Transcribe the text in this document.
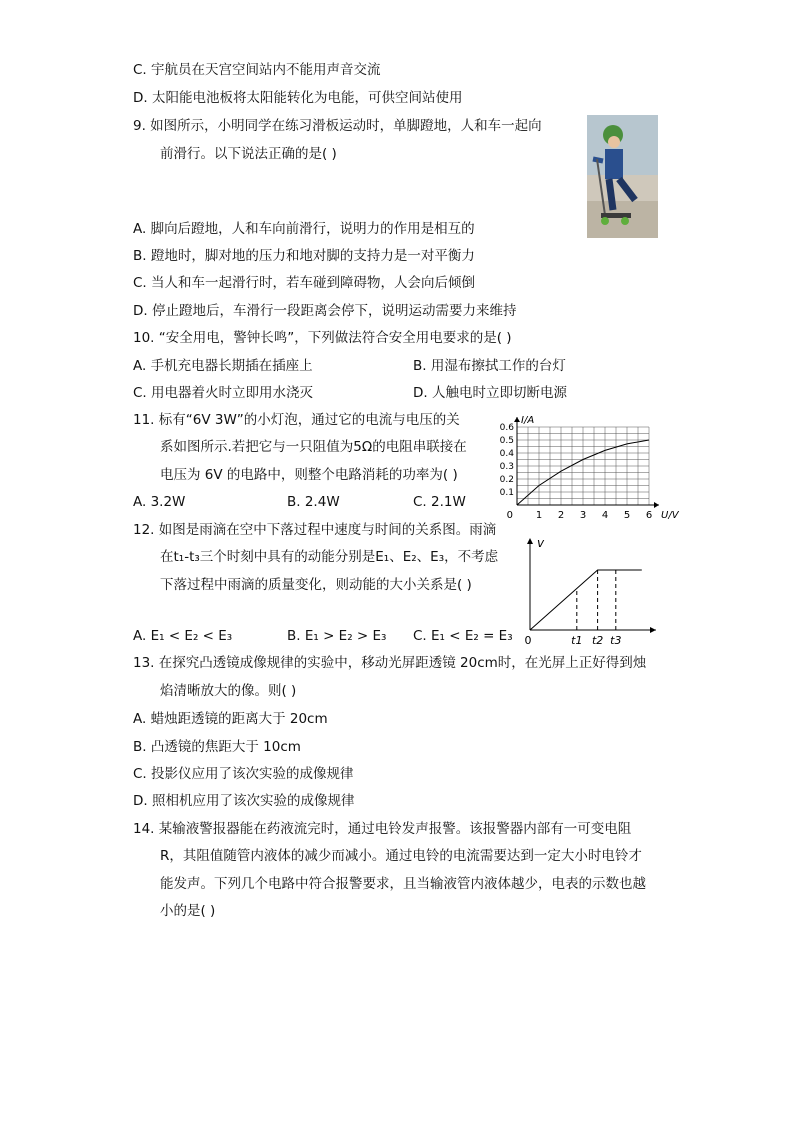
C. 宇航员在天宫空间站内不能用声音交流
D. 太阳能电池板将太阳能转化为电能，可供空间站使用
9. 如图所示，小明同学在练习滑板运动时，单脚蹬地，人和车一起向
前滑行。以下说法正确的是( )
A. 脚向后蹬地，人和车向前滑行，说明力的作用是相互的
B. 蹬地时，脚对地的压力和地对脚的支持力是一对平衡力
C. 当人和车一起滑行时，若车碰到障碍物，人会向后倾倒
D. 停止蹬地后，车滑行一段距离会停下，说明运动需要力来维持
10. “安全用电，警钟长鸣”，下列做法符合安全用电要求的是( )
A. 手机充电器长期插在插座上	B. 用湿布擦拭工作的台灯
C. 用电器着火时立即用水浇灭	D. 人触电时立即切断电源
11. 标有“6V 3W”的小灯泡，通过它的电流与电压的关
系如图所示.若把它与一只阻值为5Ω的电阻串联接在
电压为 6V 的电路中，则整个电路消耗的功率为( )
A. 3.2W	B. 2.4W	C. 2.1W
1 2 3 4 5 6
0.1
0.2
0.3
0.4
0.5
0.6
0	U/V
I/A
12. 如图是雨滴在空中下落过程中速度与时间的关系图。雨滴
在t₁-t₃三个时刻中具有的动能分别是E₁、E₂、E₃，不考虑
下落过程中雨滴的质量变化，则动能的大小关系是( )
A. E₁ < E₂ < E₃	B. E₁ > E₂ > E₃ C. E₁ < E₂ = E₃
v
0	t1 t2 t3
13. 在探究凸透镜成像规律的实验中，移动光屏距透镜 20cm时，在光屏上正好得到烛
焰清晰放大的像。则( )
A. 蜡烛距透镜的距离大于 20cm
B. 凸透镜的焦距大于 10cm
C. 投影仪应用了该次实验的成像规律
D. 照相机应用了该次实验的成像规律
14. 某输液警报器能在药液流完时，通过电铃发声报警。该报警器内部有一可变电阻
R，其阻值随管内液体的减少而减小。通过电铃的电流需要达到一定大小时电铃才
能发声。下列几个电路中符合报警要求，且当输液管内液体越少，电表的示数也越
小的是( )
